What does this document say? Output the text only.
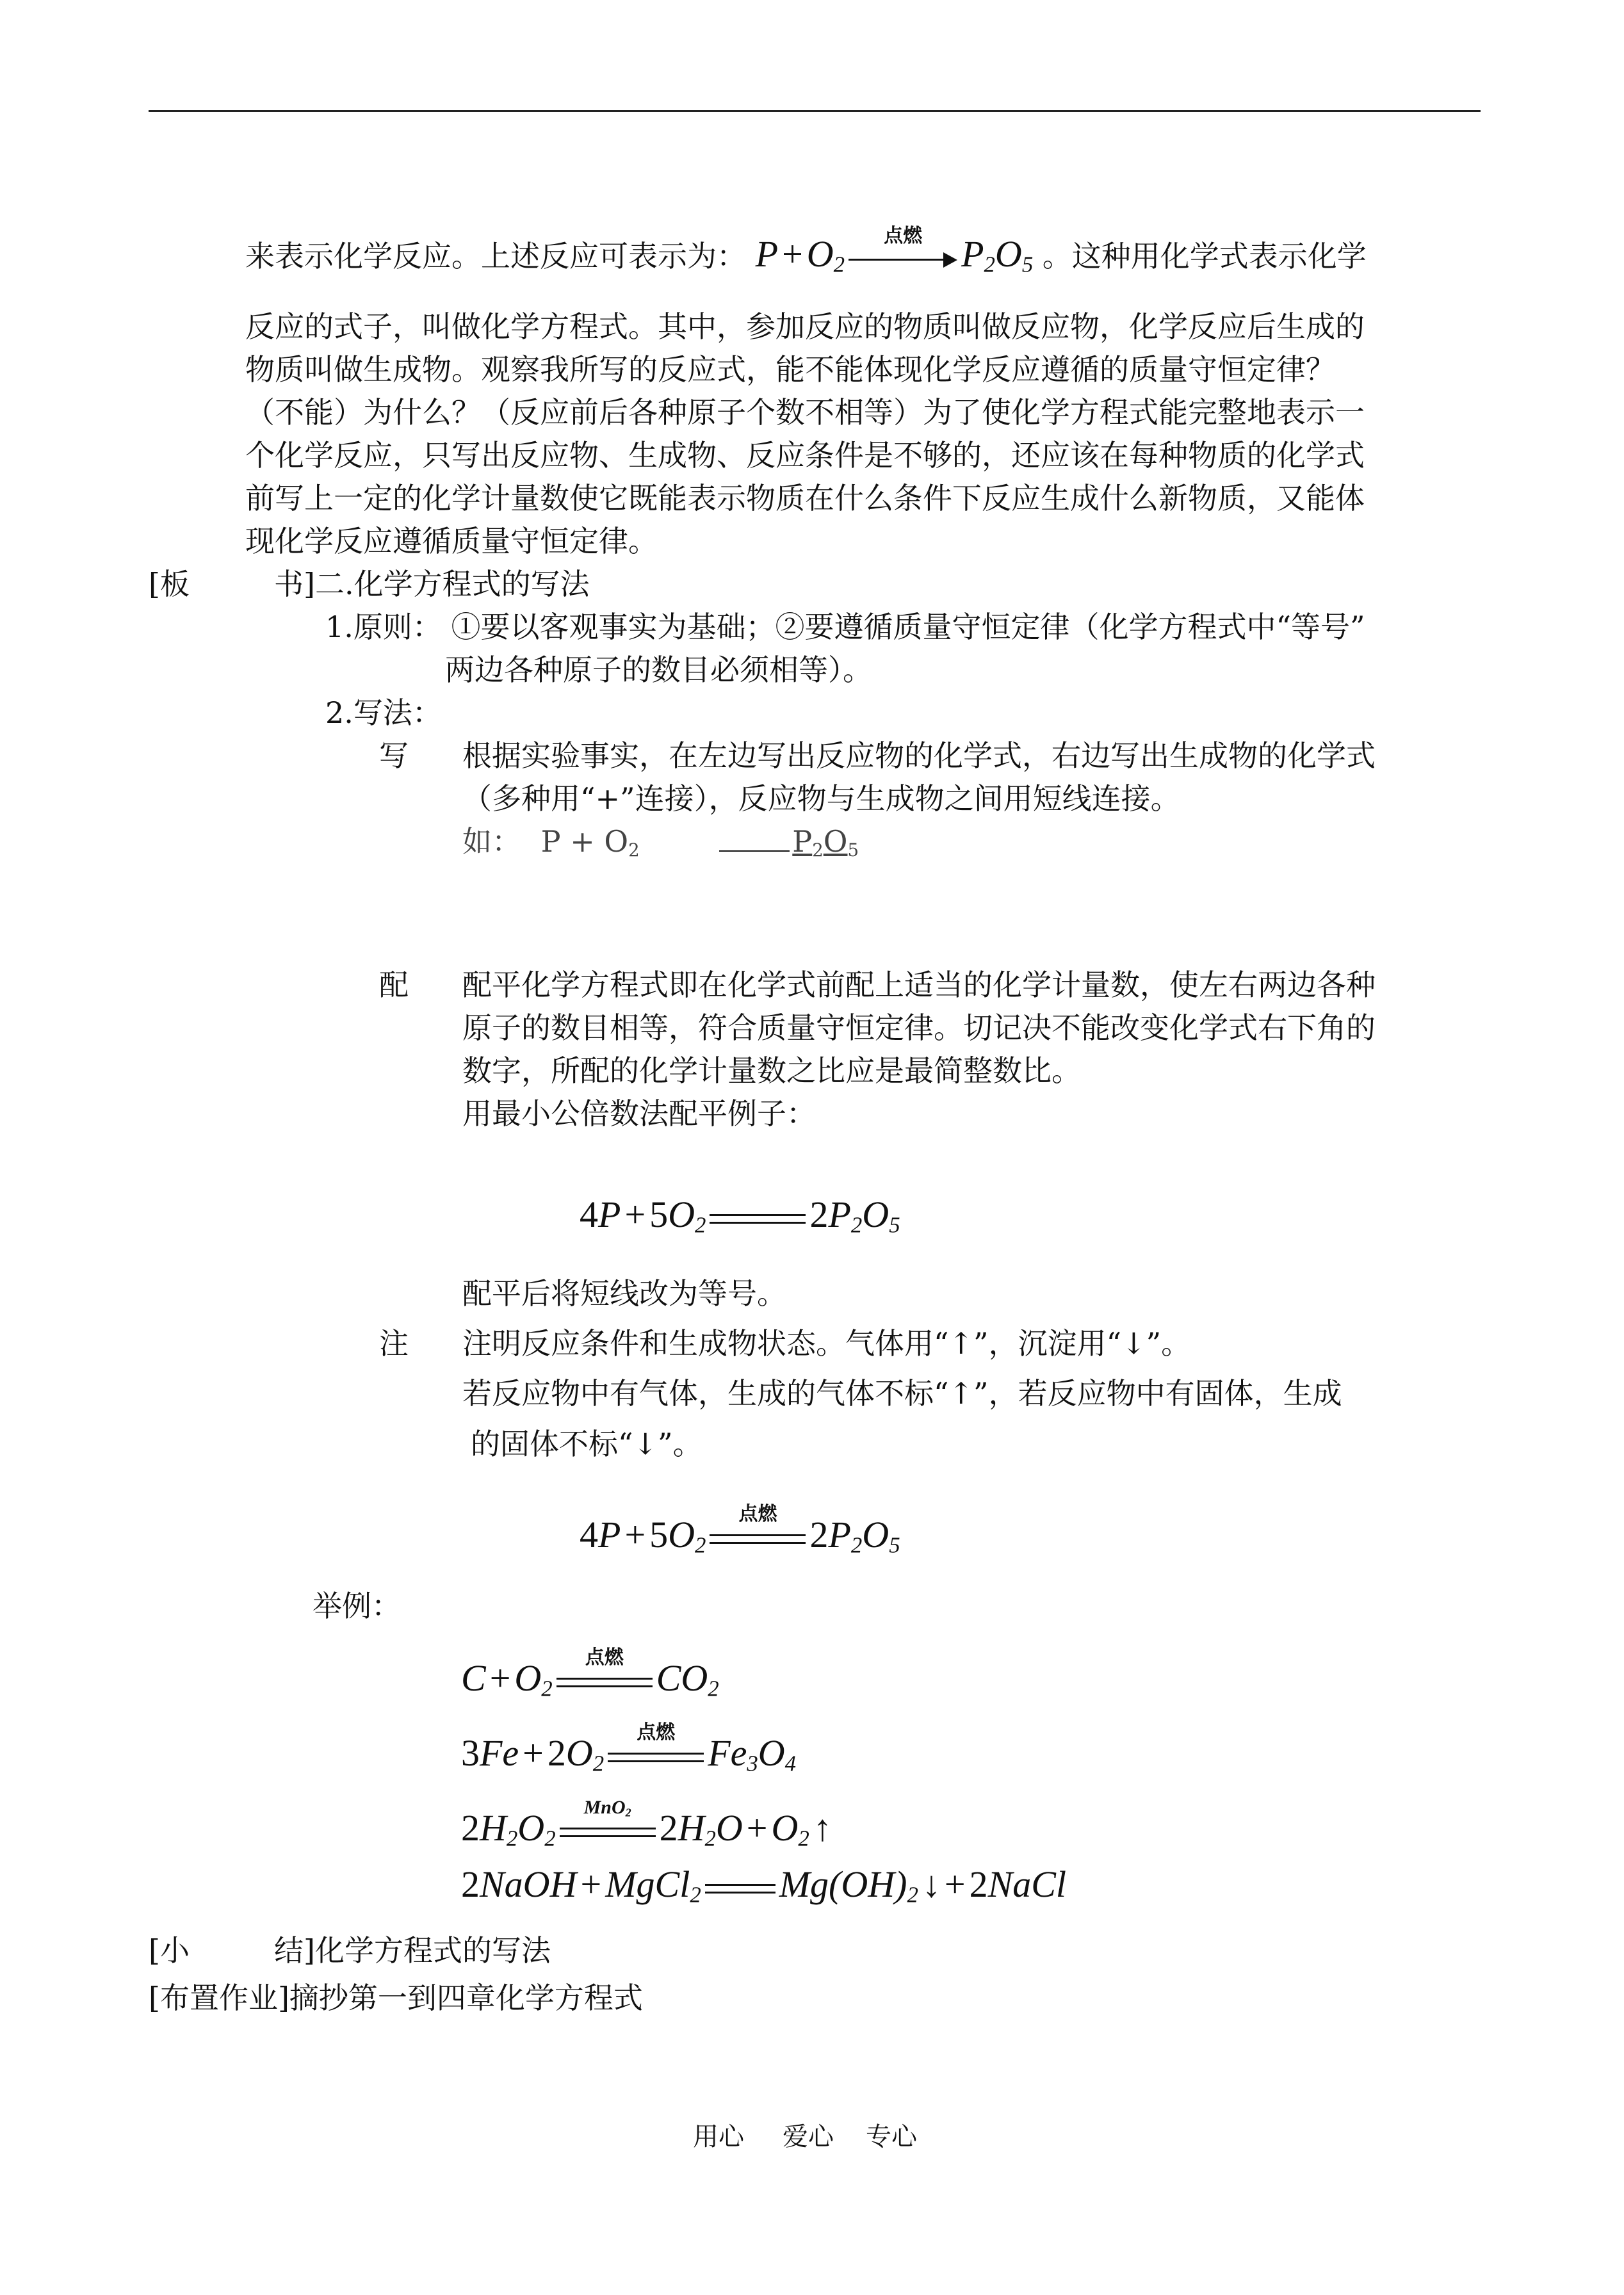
来表示化学反应。上述反应可表示为： $P + O_2$
点燃	$P_2O_5$ 。这种用化学式表示化学
反应的式子，叫做化学方程式。其中，参加反应的物质叫做反应物，化学反应后生成的
物质叫做生成物。观察我所写的反应式，能不能体现化学反应遵循的质量守恒定律？
（不能）为什么？（反应前后各种原子个数不相等）为了使化学方程式能完整地表示一
个化学反应，只写出反应物、生成物、反应条件是不够的，还应该在每种物质的化学式
前写上一定的化学计量数使它既能表示物质在什么条件下反应生成什么新物质，又能体
现化学反应遵循质量守恒定律。
[板	书]二.化学方程式的写法
1.原则： ①要以客观事实为基础；②要遵循质量守恒定律（化学方程式中“等号”
两边各种原子的数目必须相等）。
2.写法：
写 根据实验事实，在左边写出反应物的化学式，右边写出生成物的化学式
（多种用“+”连接），反应物与生成物之间用短线连接。
如： $P + O_2$	$P_2O_5$
配 配平化学方程式即在化学式前配上适当的化学计量数，使左右两边各种
原子的数目相等，符合质量守恒定律。切记决不能改变化学式右下角的
数字，所配的化学计量数之比应是最简整数比。
用最小公倍数法配平例子：
$4P + 5O_2$	$2P_2O_5$
配平后将短线改为等号。
注 注明反应条件和生成物状态。气体用“↑”，沉淀用“↓”。
若反应物中有气体，生成的气体不标“↑”，若反应物中有固体，生成
的固体不标“↓”。
$4P + 5O_2$
点燃 $2P_2O_5$
举例：
$C + O_2$
点燃 $CO_2$
$3Fe + 2O_2$
点燃 $Fe_3O_4$
$2H_2O_2$
MnO$_2$ $2H_2O + O_2$ ↑
2NaOH + MgCl$_2$ $Mg(OH)_2$ ↓ + 2NaCl
[小	结]化学方程式的写法
[布置作业]摘抄第一到四章化学方程式
用心 爱心 专心
